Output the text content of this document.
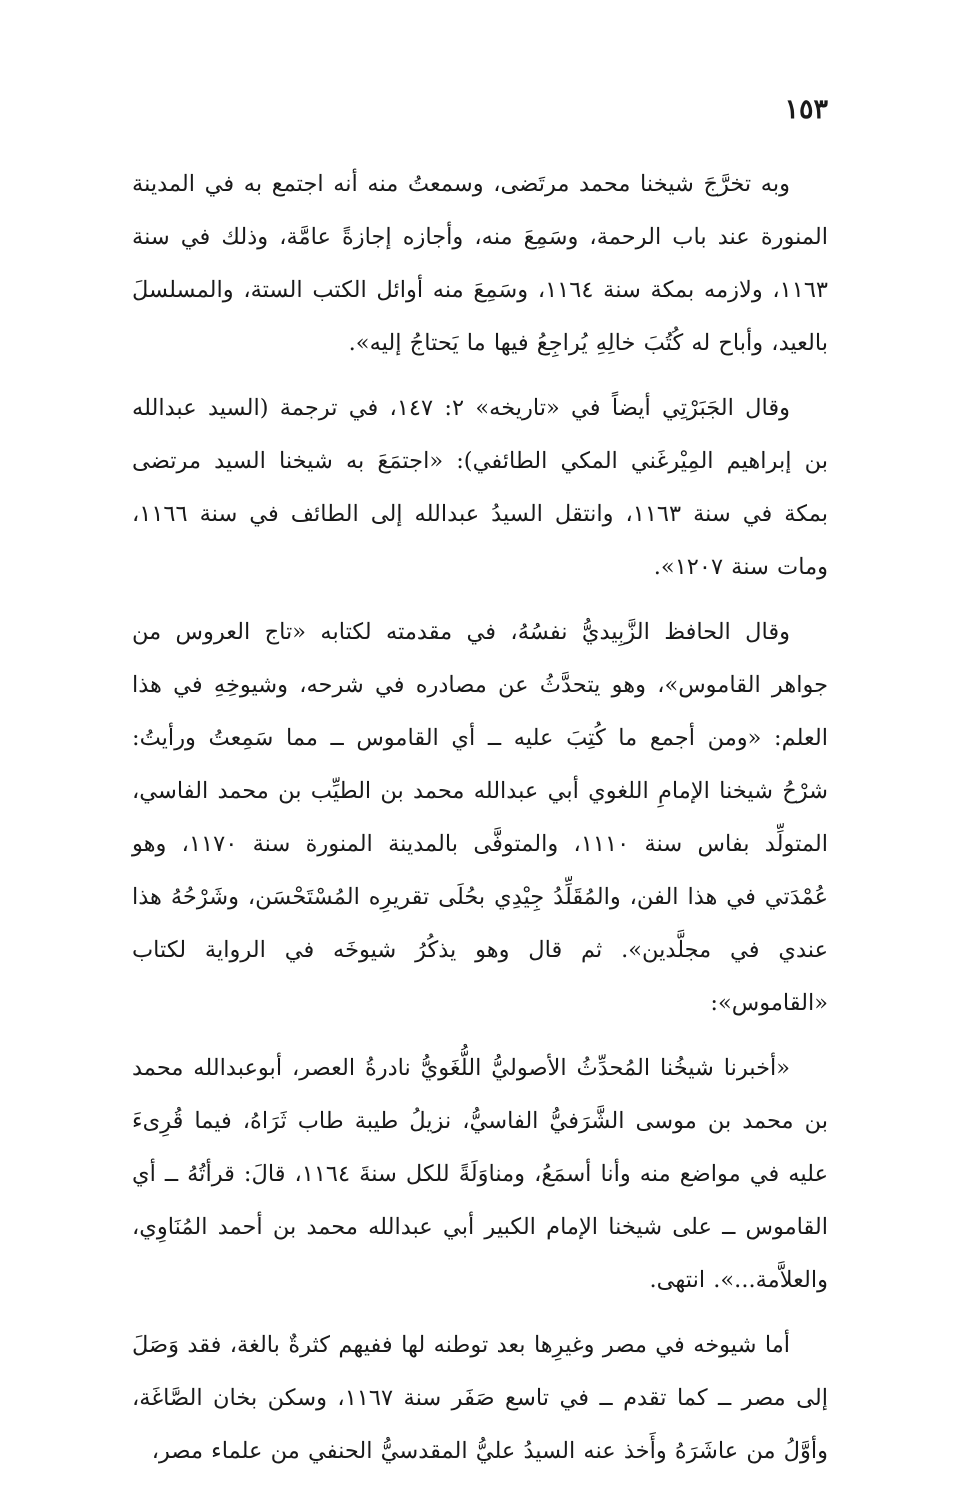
١٥٣

وبه تخرَّجَ شيخنا محمد مرتَضى، وسمعتُ منه أنه اجتمع به في المدينة المنورة عند باب الرحمة، وسَمِعَ منه، وأجازه إجازةً عامَّة، وذلك في سنة ١١٦٣، ولازمه بمكة سنة ١١٦٤، وسَمِعَ منه أوائل الكتب الستة، والمسلسلَ بالعيد، وأباح له كُتُبَ خالِهِ يُراجِعُ فيها ما يَحتاجُ إليه».

وقال الجَبَرْتِي أيضاً في «تاريخه» ٢: ١٤٧، في ترجمة (السيد عبدالله بن إبراهيم المِيْرغَني المكي الطائفي): «اجتمَعَ به شيخنا السيد مرتضى بمكة في سنة ١١٦٣، وانتقل السيدُ عبدالله إلى الطائف في سنة ١١٦٦، ومات سنة ١٢٠٧».

وقال الحافظ الزَّبِيديُّ نفسُهُ، في مقدمته لكتابه «تاج العروس من جواهر القاموس»، وهو يتحدَّثُ عن مصادره في شرحه، وشيوخِهِ في هذا العلم: «ومن أجمع ما كُتِبَ عليه ــ أي القاموس ــ مما سَمِعتُ ورأيتُ: شرْحُ شيخنا الإمامِ اللغوي أبي عبدالله محمد بن الطيِّب بن محمد الفاسي، المتولِّد بفاس سنة ١١١٠، والمتوفَّى بالمدينة المنورة سنة ١١٧٠، وهو عُمْدَتي في هذا الفن، والمُقَلِّدُ جِيْدِي بحُلَى تقريرِه المُسْتَحْسَن، وشَرْحُهُ هذا عندي في مجلَّدين». ثم قال وهو يذكُرُ شيوخَه في الرواية لكتاب «القاموس»:

«أخبرنا شيخُنا المُحدِّثُ الأصوليُّ اللُّغَويُّ نادرةُ العصر، أبوعبدالله محمد بن محمد بن موسى الشَّرَفيُّ الفاسيُّ، نزيلُ طيبة طاب ثَرَاهُ، فيما قُرِىءَ عليه في مواضع منه وأنا أسمَعُ، ومناوَلَةً للكل سنةَ ١١٦٤، قالَ: قرأتُهُ ــ أي القاموس ــ على شيخنا الإمام الكبير أبي عبدالله محمد بن أحمد المُنَاوِي، والعلاَّمة...». انتهى.

أما شيوخه في مصر وغيرِها بعد توطنه لها ففيهم كثرةٌ بالغة، فقد وَصَلَ إلى مصر ــ كما تقدم ــ في تاسع صَفَر سنة ١١٦٧، وسكن بخان الصَّاغَة، وأوَّلُ من عاشَرَهُ وأَخذ عنه السيدُ عليُّ المقدسيُّ الحنفي من علماء مصر،
